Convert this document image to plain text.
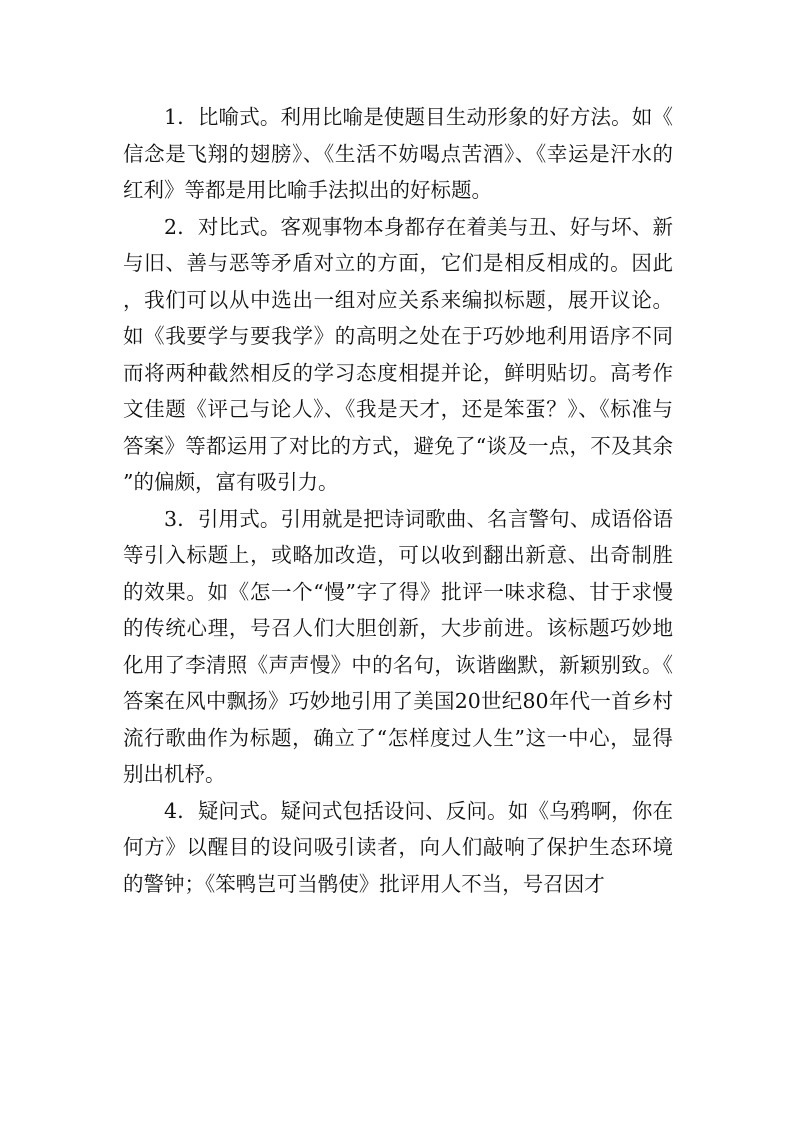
1．比喻式。利用比喻是使题目生动形象的好方法。如《信念是飞翔的翅膀》、《生活不妨喝点苦酒》、《幸运是汗水的红利》等都是用比喻手法拟出的好标题。

2．对比式。客观事物本身都存在着美与丑、好与坏、新与旧、善与恶等矛盾对立的方面，它们是相反相成的。因此，我们可以从中选出一组对应关系来编拟标题，展开议论。如《我要学与要我学》的高明之处在于巧妙地利用语序不同而将两种截然相反的学习态度相提并论，鲜明贴切。高考作文佳题《评己与论人》、《我是天才，还是笨蛋？》、《标准与答案》等都运用了对比的方式，避免了“谈及一点，不及其余”的偏颇，富有吸引力。

3．引用式。引用就是把诗词歌曲、名言警句、成语俗语等引入标题上，或略加改造，可以收到翻出新意、出奇制胜的效果。如《怎一个“慢”字了得》批评一味求稳、甘于求慢的传统心理，号召人们大胆创新，大步前进。该标题巧妙地化用了李清照《声声慢》中的名句，诙谐幽默，新颖别致。《答案在风中飘扬》巧妙地引用了美国20世纪80年代一首乡村流行歌曲作为标题，确立了“怎样度过人生”这一中心，显得别出机杼。

4．疑问式。疑问式包括设问、反问。如《乌鸦啊，你在何方》以醒目的设问吸引读者，向人们敲响了保护生态环境的警钟；《笨鸭岂可当鹘使》批评用人不当，号召因才
